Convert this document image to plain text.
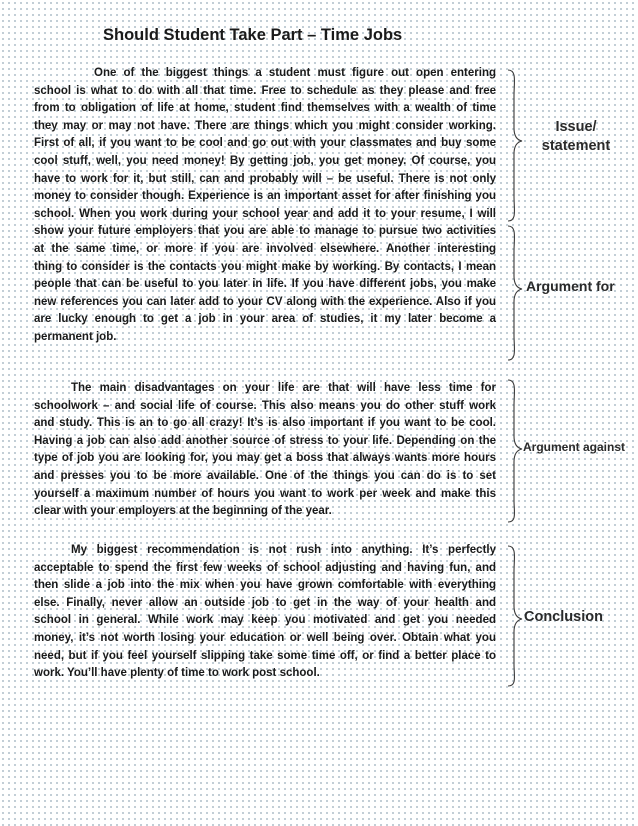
Should Student Take Part – Time Jobs
One of the biggest things a student must figure out open entering
school is what to do with all that time. Free to schedule as they please and free
from to obligation of life at home, student find themselves with a wealth of time
they may or may not have. There are things which you might consider working.
First of all, if you want to be cool and go out with your classmates and buy some
cool stuff, well, you need money! By getting job, you get money. Of course, you
have to work for it, but still, can and probably will – be useful. There is not only
money to consider though. Experience is an important asset for after finishing you
school. When you work during your school year and add it to your resume, I will
show your future employers that you are able to manage to pursue two activities
at the same time, or more if you are involved elsewhere. Another interesting
thing to consider is the contacts you might make by working. By contacts, I mean
people that can be useful to you later in life. If you have different jobs, you make
new references you can later add to your CV along with the experience. Also if you
are lucky enough to get a job in your area of studies, it my later become a
permanent job.
The main disadvantages on your life are that will have less time for
schoolwork – and social life of course. This also means you do other stuff work
and study. This is an to go all crazy! It’s is also important if you want to be cool.
Having a job can also add another source of stress to your life. Depending on the
type of job you are looking for, you may get a boss that always wants more hours
and presses you to be more available. One of the things you can do is to set
yourself a maximum number of hours you want to work per week and make this
clear with your employers at the beginning of the year.
My biggest recommendation is not rush into anything. It’s perfectly
acceptable to spend the first few weeks of school adjusting and having fun, and
then slide a job into the mix when you have grown comfortable with everything
else. Finally, never allow an outside job to get in the way of your health and
school in general. While work may keep you motivated and get you needed
money, it’s not worth losing your education or well being over. Obtain what you
need, but if you feel yourself slipping take some time off, or find a better place to
work. You’ll have plenty of time to work post school.
Issue/
statement
Argument for
Argument against
Conclusion
